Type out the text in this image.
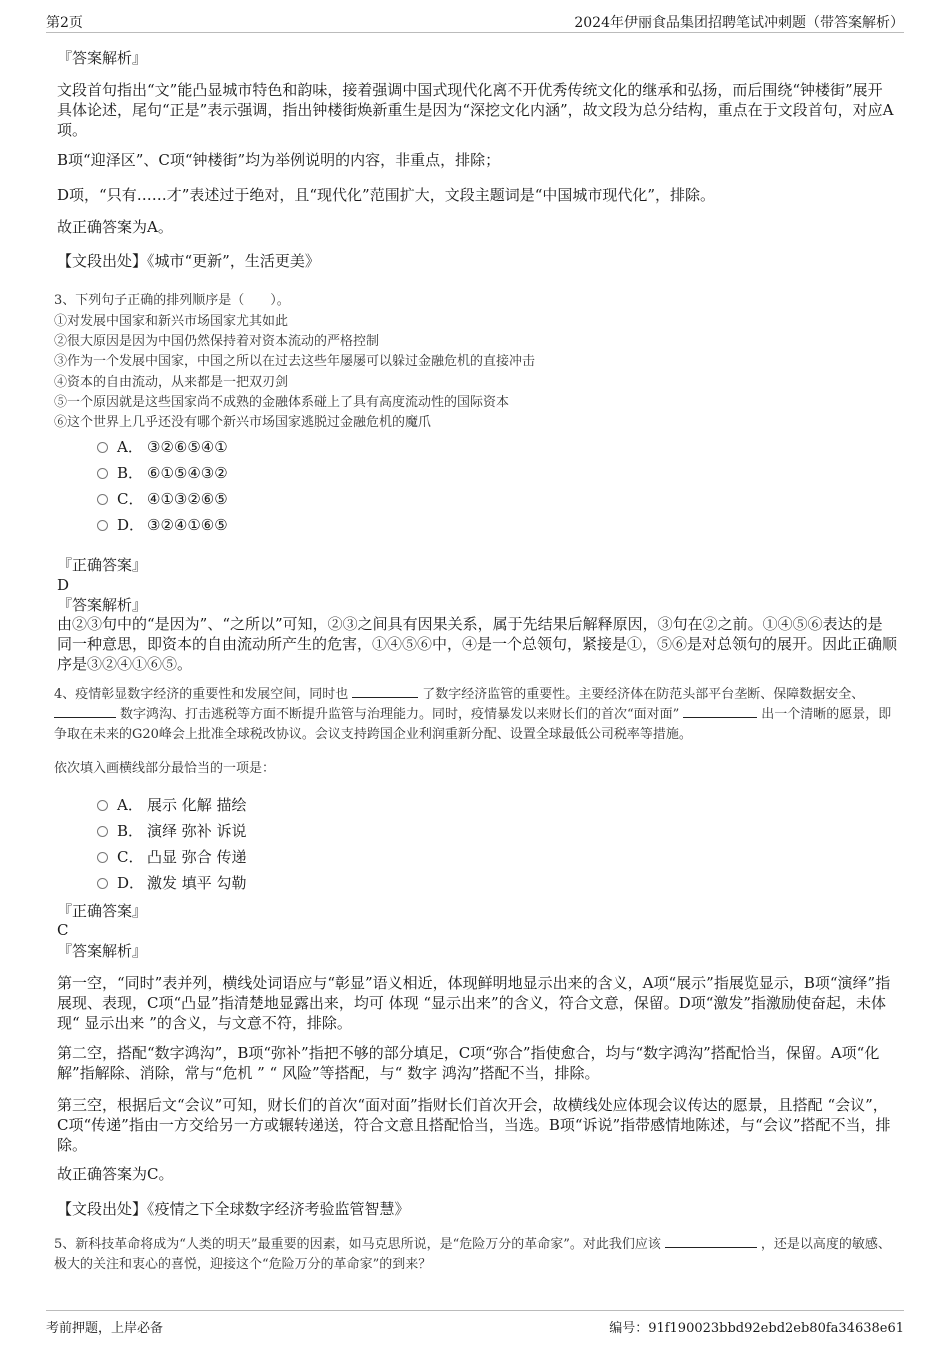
第2页	2024年伊丽食品集团招聘笔试冲刺题（带答案解析）
『答案解析』
文段首句指出“文”能凸显城市特色和韵味，接着强调中国式现代化离不开优秀传统文化的继承和弘扬，而后围绕“钟楼街”展开具体论述，尾句“正是”表示强调，指出钟楼街焕新重生是因为“深挖文化内涵”，故文段为总分结构，重点在于文段首句，对应A项。
B项“迎泽区”、C项“钟楼街”均为举例说明的内容，非重点，排除；
D项，“只有……才”表述过于绝对，且“现代化”范围扩大，文段主题词是“中国城市现代化”，排除。
故正确答案为A。
【文段出处】《城市“更新”，生活更美》
3、下列句子正确的排列顺序是（　　）。
①对发展中国家和新兴市场国家尤其如此
②很大原因是因为中国仍然保持着对资本流动的严格控制
③作为一个发展中国家，中国之所以在过去这些年屡屡可以躲过金融危机的直接冲击
④资本的自由流动，从来都是一把双刃剑
⑤一个原因就是这些国家尚不成熟的金融体系碰上了具有高度流动性的国际资本
⑥这个世界上几乎还没有哪个新兴市场国家逃脱过金融危机的魔爪
A． ③②⑥⑤④①
B． ⑥①⑤④③②
C． ④①③②⑥⑤
D． ③②④①⑥⑤
『正确答案』
D
『答案解析』
由②③句中的“是因为”、“之所以”可知，②③之间具有因果关系，属于先结果后解释原因，③句在②之前。①④⑤⑥表达的是同一种意思，即资本的自由流动所产生的危害，①④⑤⑥中，④是一个总领句，紧接是①，⑤⑥是对总领句的展开。因此正确顺序是③②④①⑥⑤。
4、疫情彰显数字经济的重要性和发展空间，同时也	了数字经济监管的重要性。主要经济体在防范头部平台垄断、保障数据安全、
数字鸿沟、打击逃税等方面不断提升监管与治理能力。同时，疫情暴发以来财长们的首次“面对面”	出一个清晰的愿景，即争取在未来的G20峰会上批准全球税改协议。会议支持跨国企业利润重新分配、设置全球最低公司税率等措施。
依次填入画横线部分最恰当的一项是：
A． 展示 化解 描绘
B． 演绎 弥补 诉说
C． 凸显 弥合 传递
D． 激发 填平 勾勒
『正确答案』
C
『答案解析』
第一空，“同时”表并列，横线处词语应与“彰显”语义相近，体现鲜明地显示出来的含义，A项“展示”指展览显示，B项“演绎”指展现、表现，C项“凸显”指清楚地显露出来，均可 体现 “显示出来”的含义，符合文意，保留。D项“激发”指激励使奋起，未体现“ 显示出来 ”的含义，与文意不符，排除。
第二空，搭配“数字鸿沟”，B项“弥补”指把不够的部分填足，C项“弥合”指使愈合，均与“数字鸿沟”搭配恰当，保留。A项“化解”指解除、消除，常与“危机 ” “ 风险”等搭配，与“ 数字 鸿沟”搭配不当，排除。
第三空，根据后文“会议”可知，财长们的首次“面对面”指财长们首次开会，故横线处应体现会议传达的愿景，且搭配 “会议”，C项“传递”指由一方交给另一方或辗转递送，符合文意且搭配恰当，当选。B项“诉说”指带感情地陈述，与“会议”搭配不当，排除。
故正确答案为C。
【文段出处】《疫情之下全球数字经济考验监管智慧》
5、新科技革命将成为“人类的明天”最重要的因素，如马克思所说，是“危险万分的革命家”。对此我们应该	，还是以高度的敏感、极大的关注和衷心的喜悦，迎接这个“危险万分的革命家”的到来？
考前押题，上岸必备	编号：91f190023bbd92ebd2eb80fa34638e61
